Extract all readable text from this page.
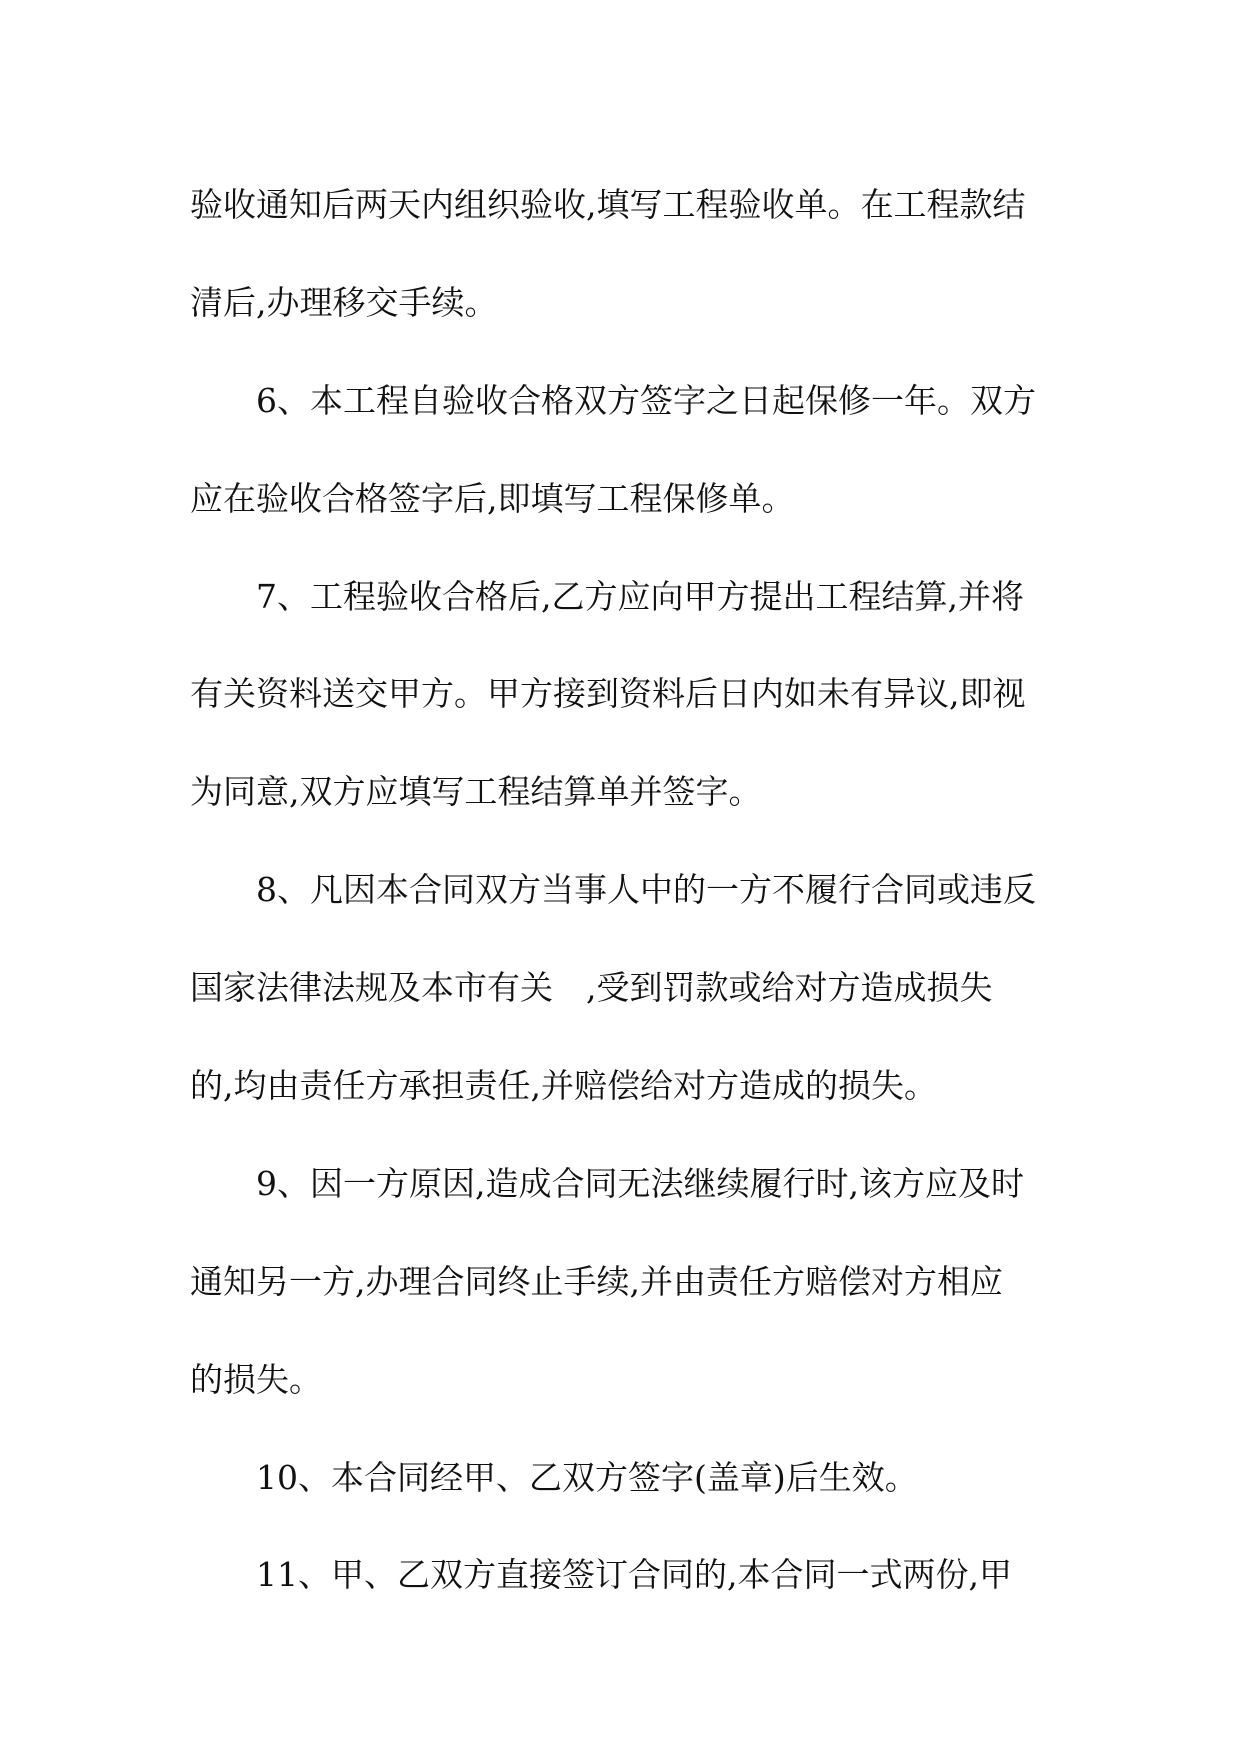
验收通知后两天内组织验收,填写工程验收单。在工程款结
清后,办理移交手续。
6、本工程自验收合格双方签字之日起保修一年。双方
应在验收合格签字后,即填写工程保修单。
7、工程验收合格后,乙方应向甲方提出工程结算,并将
有关资料送交甲方。甲方接到资料后日内如未有异议,即视
为同意,双方应填写工程结算单并签字。
8、凡因本合同双方当事人中的一方不履行合同或违反
国家法律法规及本市有关　,受到罚款或给对方造成损失
的,均由责任方承担责任,并赔偿给对方造成的损失。
9、因一方原因,造成合同无法继续履行时,该方应及时
通知另一方,办理合同终止手续,并由责任方赔偿对方相应
的损失。
10、本合同经甲、乙双方签字(盖章)后生效。
11、甲、乙双方直接签订合同的,本合同一式两份,甲
